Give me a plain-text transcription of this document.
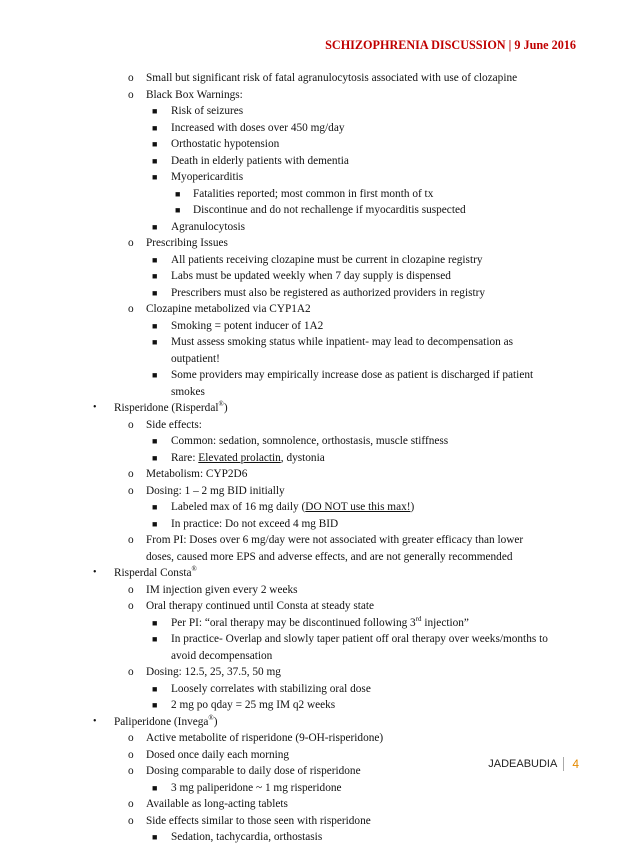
SCHIZOPHRENIA DISCUSSION | 9 June 2016
o Small but significant risk of fatal agranulocytosis associated with use of clozapine
o Black Box Warnings:
■ Risk of seizures
■ Increased with doses over 450 mg/day
■ Orthostatic hypotension
■ Death in elderly patients with dementia
■ Myopericarditis
■ Fatalities reported; most common in first month of tx
■ Discontinue and do not rechallenge if myocarditis suspected
■ Agranulocytosis
o Prescribing Issues
■ All patients receiving clozapine must be current in clozapine registry
■ Labs must be updated weekly when 7 day supply is dispensed
■ Prescribers must also be registered as authorized providers in registry
o Clozapine metabolized via CYP1A2
■ Smoking = potent inducer of 1A2
■ Must assess smoking status while inpatient- may lead to decompensation as
outpatient!
■ Some providers may empirically increase dose as patient is discharged if patient
smokes
• Risperidone (Risperdal®)
o Side effects:
■ Common: sedation, somnolence, orthostasis, muscle stiffness
■ Rare: Elevated prolactin, dystonia
o Metabolism: CYP2D6
o Dosing: 1 – 2 mg BID initially
■ Labeled max of 16 mg daily (DO NOT use this max!)
■ In practice: Do not exceed 4 mg BID
o From PI: Doses over 6 mg/day were not associated with greater efficacy than lower
doses, caused more EPS and adverse effects, and are not generally recommended
• Risperdal Consta®
o IM injection given every 2 weeks
o Oral therapy continued until Consta at steady state
■ Per PI: “oral therapy may be discontinued following 3rd injection”
■ In practice- Overlap and slowly taper patient off oral therapy over weeks/months to
avoid decompensation
o Dosing: 12.5, 25, 37.5, 50 mg
■ Loosely correlates with stabilizing oral dose
■ 2 mg po qday = 25 mg IM q2 weeks
• Paliperidone (Invega®)
o Active metabolite of risperidone (9-OH-risperidone)
o Dosed once daily each morning
o Dosing comparable to daily dose of risperidone
■ 3 mg paliperidone ~ 1 mg risperidone
o Available as long-acting tablets
o Side effects similar to those seen with risperidone
■ Sedation, tachycardia, orthostasis
JADEABUDIA	4
